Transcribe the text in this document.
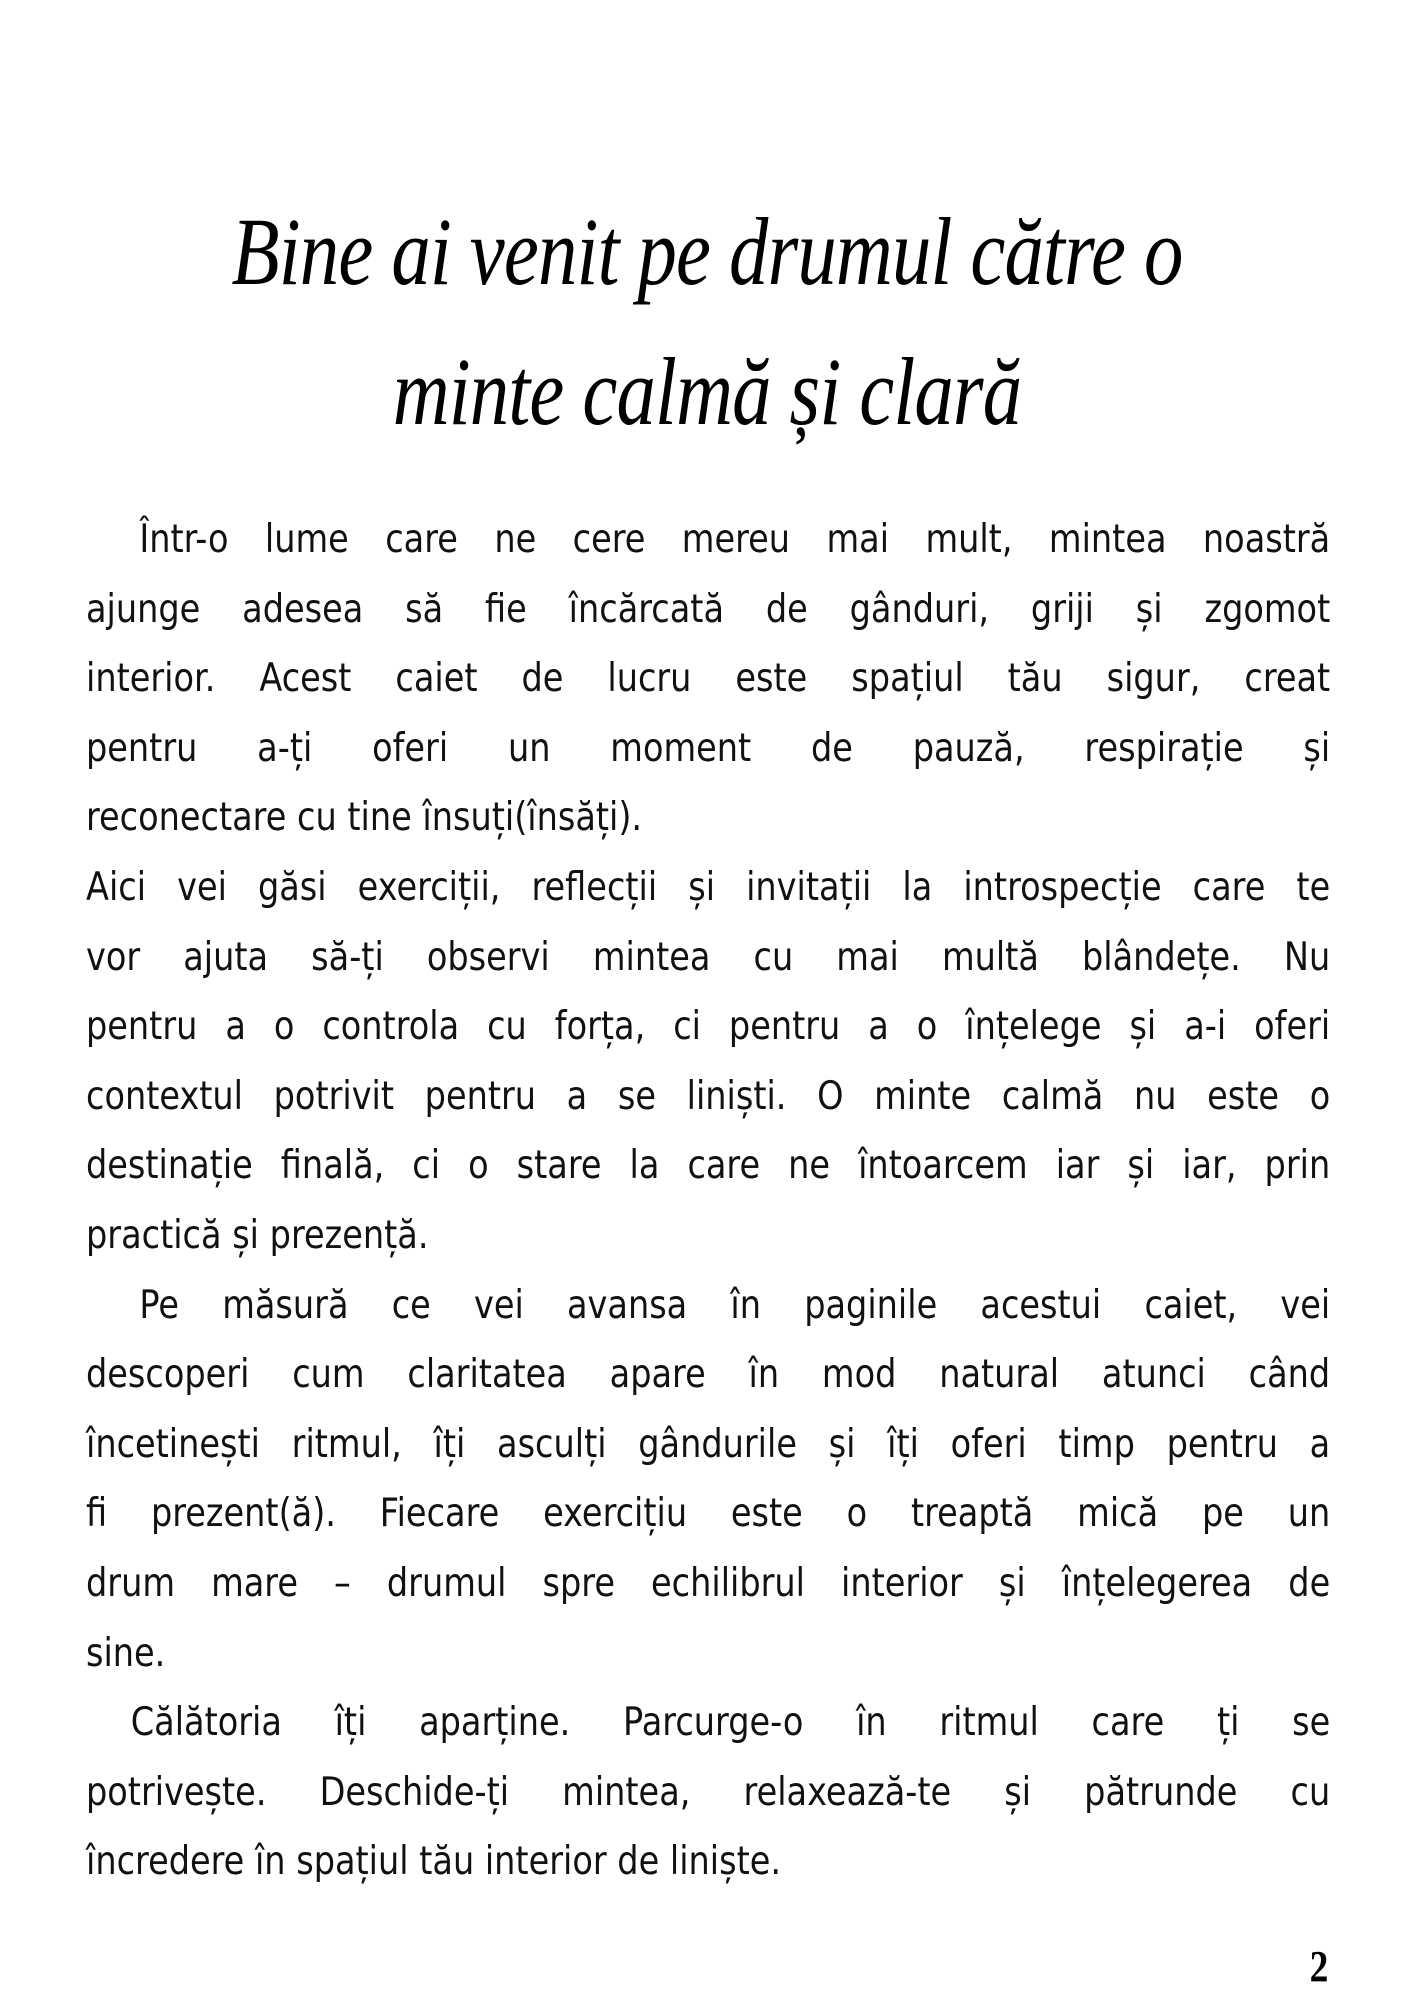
Bine ai venit pe drumul către o
minte calmă și clară
Într-o lume care ne cere mereu mai mult, mintea noastră
ajunge adesea să fie încărcată de gânduri, griji și zgomot
interior. Acest caiet de lucru este spațiul tău sigur, creat
pentru a-ți oferi un moment de pauză, respirație și
reconectare cu tine însuți(însăți).
Aici vei găsi exerciții, reflecții și invitații la introspecție care te
vor ajuta să-ți observi mintea cu mai multă blândețe. Nu
pentru a o controla cu forța, ci pentru a o înțelege și a-i oferi
contextul potrivit pentru a se liniști. O minte calmă nu este o
destinație finală, ci o stare la care ne întoarcem iar și iar, prin
practică și prezență.
Pe măsură ce vei avansa în paginile acestui caiet, vei
descoperi cum claritatea apare în mod natural atunci când
încetinești ritmul, îți asculți gândurile și îți oferi timp pentru a
fi prezent(ă). Fiecare exercițiu este o treaptă mică pe un
drum mare – drumul spre echilibrul interior și înțelegerea de
sine.
Călătoria îți aparține. Parcurge-o în ritmul care ți se
potrivește. Deschide-ți mintea, relaxează-te și pătrunde cu
încredere în spațiul tău interior de liniște.
2
